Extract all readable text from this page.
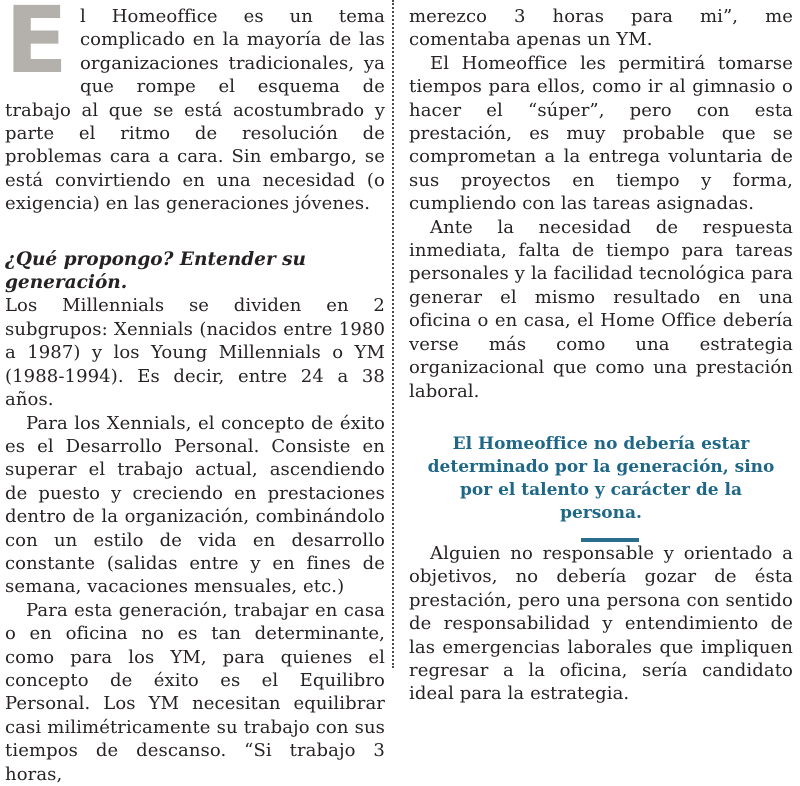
El Homeoffice es un tema complicado en la mayoría de las organizaciones tradicionales, ya que rompe el esquema de trabajo al que se está acostumbrado y parte el ritmo de resolución de problemas cara a cara. Sin embargo, se está convirtiendo en una necesidad (o exigencia) en las generaciones jóvenes.

¿Qué propongo? Entender su generación.

Los Millennials se dividen en 2 subgrupos: Xennials (nacidos entre 1980 a 1987) y los Young Millennials o YM (1988-1994). Es decir, entre 24 a 38 años.

Para los Xennials, el concepto de éxito es el Desarrollo Personal. Consiste en superar el trabajo actual, ascendiendo de puesto y creciendo en prestaciones dentro de la organización, combinándolo con un estilo de vida en desarrollo constante (salidas entre y en fines de semana, vacaciones mensuales, etc.)

Para esta generación, trabajar en casa o en oficina no es tan determinante, como para los YM, para quienes el concepto de éxito es el Equilibro Personal. Los YM necesitan equilibrar casi milimétricamente su trabajo con sus tiempos de descanso. “Si trabajo 3 horas,

merezco 3 horas para mi”, me comentaba apenas un YM.

El Homeoffice les permitirá tomarse tiempos para ellos, como ir al gimnasio o hacer el “súper”, pero con esta prestación, es muy probable que se comprometan a la entrega voluntaria de sus proyectos en tiempo y forma, cumpliendo con las tareas asignadas.

Ante la necesidad de respuesta inmediata, falta de tiempo para tareas personales y la facilidad tecnológica para generar el mismo resultado en una oficina o en casa, el Home Office debería verse más como una estrategia organizacional que como una prestación laboral.

El Homeoffice no debería estar determinado por la generación, sino por el talento y carácter de la persona.

Alguien no responsable y orientado a objetivos, no debería gozar de ésta prestación, pero una persona con sentido de responsabilidad y entendimiento de las emergencias laborales que impliquen regresar a la oficina, sería candidato ideal para la estrategia.
